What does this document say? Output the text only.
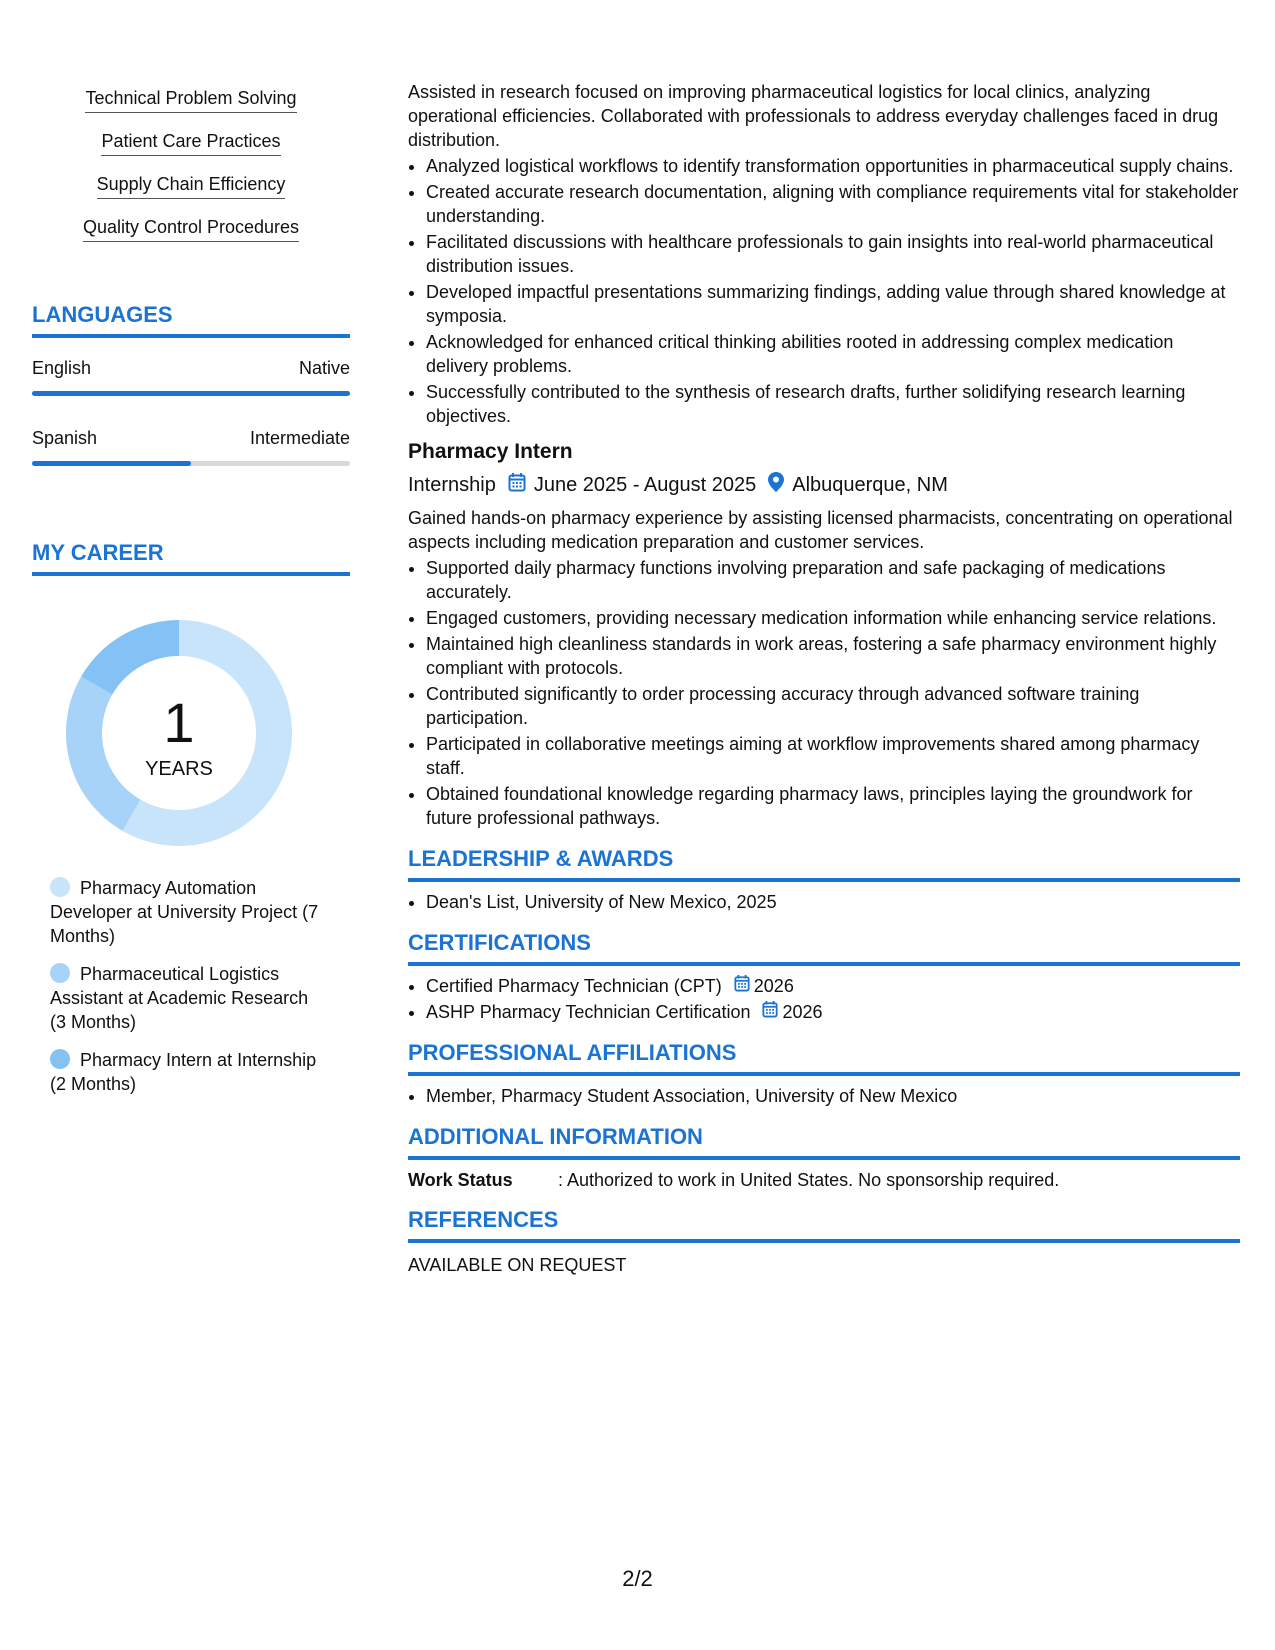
Technical Problem Solving
Patient Care Practices
Supply Chain Efficiency
Quality Control Procedures
LANGUAGES
English	Native
Spanish	Intermediate
MY CAREER
1
YEARS
Pharmacy Automation Developer at University Project (7 Months)
Pharmaceutical Logistics Assistant at Academic Research (3 Months)
Pharmacy Intern at Internship (2 Months)

Assisted in research focused on improving pharmaceutical logistics for local clinics, analyzing operational efficiencies. Collaborated with professionals to address everyday challenges faced in drug distribution.

• Analyzed logistical workflows to identify transformation opportunities in pharmaceutical supply chains.
• Created accurate research documentation, aligning with compliance requirements vital for stakeholder understanding.
• Facilitated discussions with healthcare professionals to gain insights into real-world pharmaceutical distribution issues.
• Developed impactful presentations summarizing findings, adding value through shared knowledge at symposia.
• Acknowledged for enhanced critical thinking abilities rooted in addressing complex medication delivery problems.
• Successfully contributed to the synthesis of research drafts, further solidifying research learning objectives.
Pharmacy Intern
Internship June 2025 - August 2025 Albuquerque, NM

Gained hands-on pharmacy experience by assisting licensed pharmacists, concentrating on operational aspects including medication preparation and customer services.

• Supported daily pharmacy functions involving preparation and safe packaging of medications accurately.
• Engaged customers, providing necessary medication information while enhancing service relations.
• Maintained high cleanliness standards in work areas, fostering a safe pharmacy environment highly compliant with protocols.
• Contributed significantly to order processing accuracy through advanced software training participation.
• Participated in collaborative meetings aiming at workflow improvements shared among pharmacy staff.
• Obtained foundational knowledge regarding pharmacy laws, principles laying the groundwork for future professional pathways.
LEADERSHIP & AWARDS
• Dean's List, University of New Mexico, 2025
CERTIFICATIONS
• Certified Pharmacy Technician (CPT) 2026
• ASHP Pharmacy Technician Certification 2026
PROFESSIONAL AFFILIATIONS
• Member, Pharmacy Student Association, University of New Mexico
ADDITIONAL INFORMATION
Work Status	: Authorized to work in United States. No sponsorship required.
REFERENCES
AVAILABLE ON REQUEST
2/2
